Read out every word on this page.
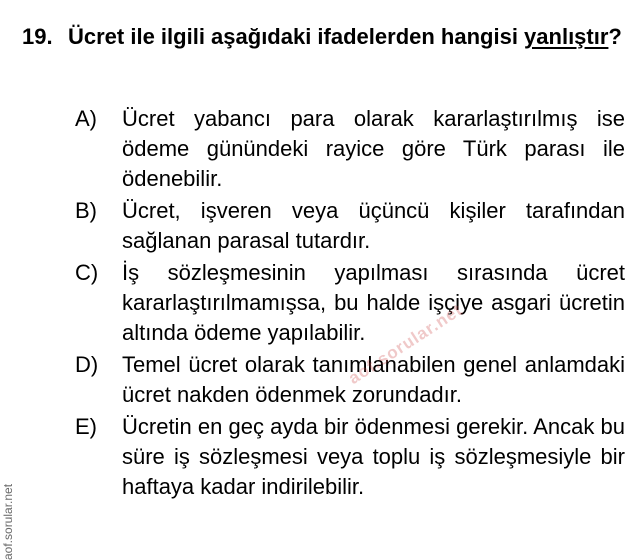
19. Ücret ile ilgili aşağıdaki ifadelerden hangisi yanlıştır?
A) Ücret yabancı para olarak kararlaştırılmış ise ödeme günündeki rayice göre Türk parası ile ödenebilir.
B) Ücret, işveren veya üçüncü kişiler tarafından sağlanan parasal tutardır.
C) İş sözleşmesinin yapılması sırasında ücret kararlaştırılmamışsa, bu halde işçiye asgari ücretin altında ödeme yapılabilir.
D) Temel ücret olarak tanımlanabilen genel anlamdaki ücret nakden ödenmek zorundadır.
E) Ücretin en geç ayda bir ödenmesi gerekir. Ancak bu süre iş sözleşmesi veya toplu iş sözleşmesiyle bir haftaya kadar indirilebilir.
aof.sorular.net
aof.sorular.net
